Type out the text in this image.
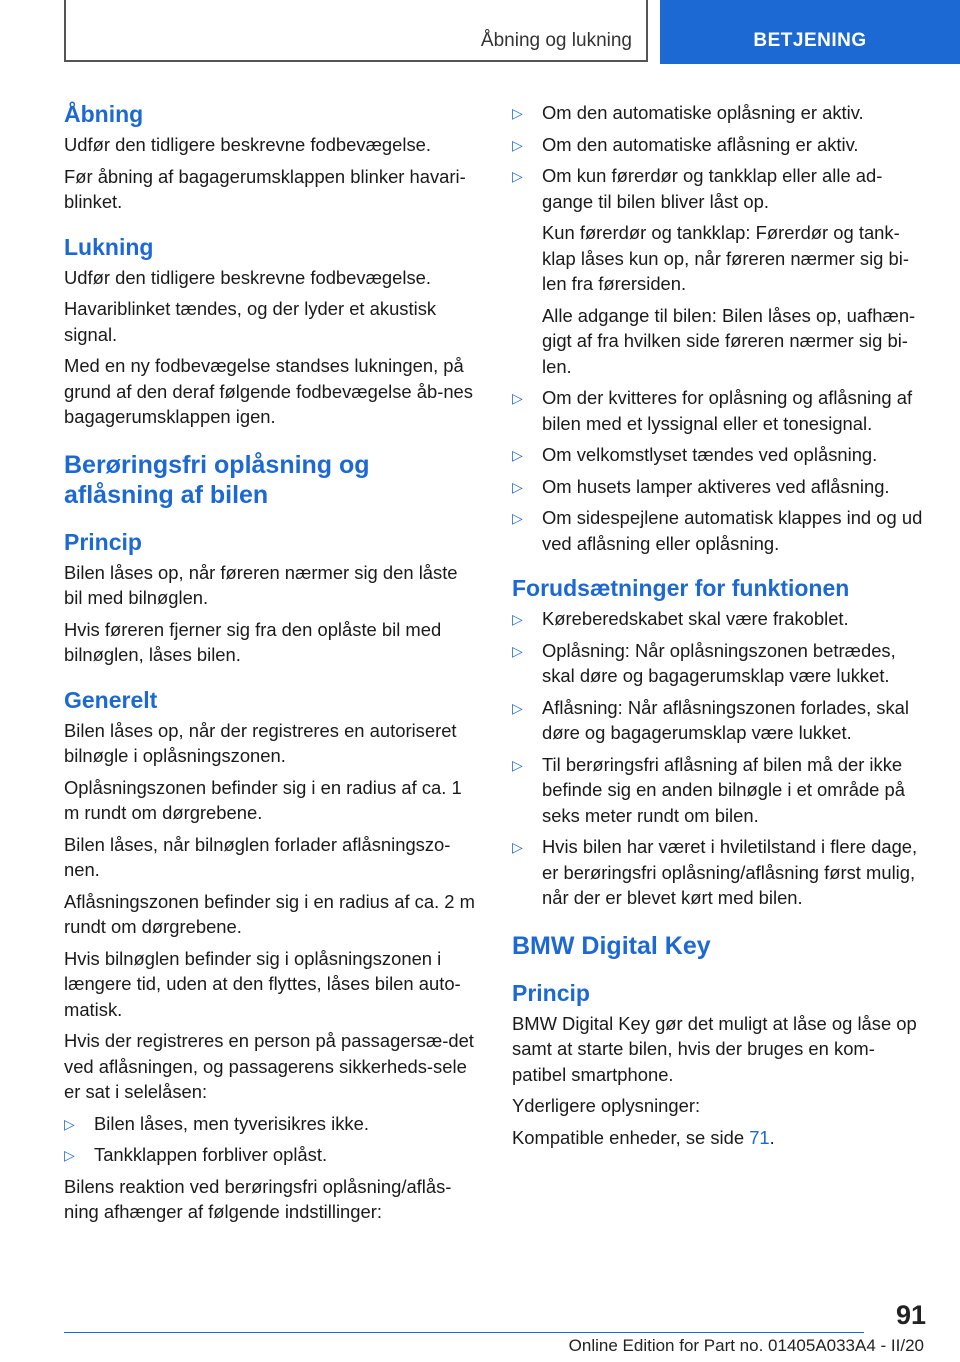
Åbning og lukning	BETJENING
Åbning

Udfør den tidligere beskrevne fodbevægelse.

Før åbning af bagagerumsklappen blinker havari-blinket.

Lukning

Udfør den tidligere beskrevne fodbevægelse.

Havariblinket tændes, og der lyder et akustisk signal.

Med en ny fodbevægelse standses lukningen, på grund af den deraf følgende fodbevægelse åb-nes bagagerumsklappen igen.

Berøringsfri oplåsning og aflåsning af bilen
Princip

Bilen låses op, når føreren nærmer sig den låste bil med bilnøglen.

Hvis føreren fjerner sig fra den oplåste bil med bilnøglen, låses bilen.

Generelt

Bilen låses op, når der registreres en autoriseret bilnøgle i oplåsningszonen.

Oplåsningszonen befinder sig i en radius af ca. 1 m rundt om dørgrebene.

Bilen låses, når bilnøglen forlader aflåsningszo-nen.

Aflåsningszonen befinder sig i en radius af ca. 2 m rundt om dørgrebene.

Hvis bilnøglen befinder sig i oplåsningszonen i længere tid, uden at den flyttes, låses bilen auto-matisk.

Hvis der registreres en person på passagersæ-det ved aflåsningen, og passagerens sikkerheds-sele er sat i selelåsen:

▷ Bilen låses, men tyverisikres ikke.
▷ Tankklappen forbliver oplåst.

Bilens reaktion ved berøringsfri oplåsning/aflås-ning afhænger af følgende indstillinger:

▷ Om den automatiske oplåsning er aktiv.
▷ Om den automatiske aflåsning er aktiv.
▷ Om kun førerdør og tankklap eller alle ad-gange til bilen bliver låst op.

Kun førerdør og tankklap: Førerdør og tank-klap låses kun op, når føreren nærmer sig bi-len fra førersiden.

Alle adgange til bilen: Bilen låses op, uafhæn-gigt af fra hvilken side føreren nærmer sig bi-len.

▷ Om der kvitteres for oplåsning og aflåsning af bilen med et lyssignal eller et tonesignal.
▷ Om velkomstlyset tændes ved oplåsning.
▷ Om husets lamper aktiveres ved aflåsning.
▷ Om sidespejlene automatisk klappes ind og ud ved aflåsning eller oplåsning.
Forudsætninger for funktionen
▷ Køreberedskabet skal være frakoblet.
▷ Oplåsning: Når oplåsningszonen betrædes, skal døre og bagagerumsklap være lukket.
▷ Aflåsning: Når aflåsningszonen forlades, skal døre og bagagerumsklap være lukket.
▷ Til berøringsfri aflåsning af bilen må der ikke befinde sig en anden bilnøgle i et område på seks meter rundt om bilen.
▷ Hvis bilen har været i hviletilstand i flere dage, er berøringsfri oplåsning/aflåsning først mulig, når der er blevet kørt med bilen.
BMW Digital Key
Princip

BMW Digital Key gør det muligt at låse og låse op samt at starte bilen, hvis der bruges en kom-patibel smartphone.

Yderligere oplysninger:

Kompatible enheder, se side 71.

91
Online Edition for Part no. 01405A033A4 - II/20
